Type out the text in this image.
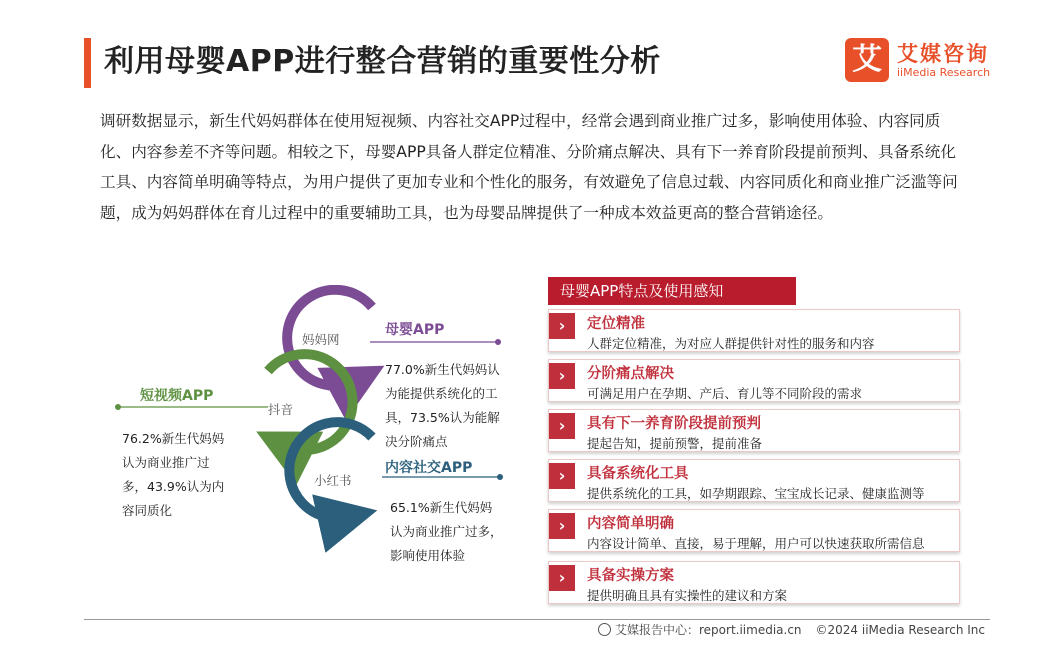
利用母婴APP进行整合营销的重要性分析	艾 艾媒咨询
iiMedia Research
调研数据显示，新生代妈妈群体在使用短视频、内容社交APP过程中，经常会遇到商业推广过多，影响使用体验、内容同质化、内容参差不齐等问题。相较之下，母婴APP具备人群定位精准、分阶痛点解决、具有下一养育阶段提前预判、具备系统化工具、内容简单明确等特点，为用户提供了更加专业和个性化的服务，有效避免了信息过载、内容同质化和商业推广泛滥等问题，成为妈妈群体在育儿过程中的重要辅助工具，也为母婴品牌提供了一种成本效益更高的整合营销途径。
妈妈网
抖音
小红书
母婴APP
77.0%新生代妈妈认
为能提供系统化的工
具，73.5%认为能解
决分阶痛点
短视频APP
76.2%新生代妈妈
认为商业推广过
多，43.9%认为内
容同质化
内容社交APP
65.1%新生代妈妈
认为商业推广过多，
影响使用体验
母婴APP特点及使用感知
›	定位精准
人群定位精准，为对应人群提供针对性的服务和内容
›	分阶痛点解决
可满足用户在孕期、产后、育儿等不同阶段的需求
›	具有下一养育阶段提前预判
提起告知，提前预警，提前准备
›	具备系统化工具
提供系统化的工具，如孕期跟踪、宝宝成长记录、健康监测等
›	内容简单明确
内容设计简单、直接，易于理解，用户可以快速获取所需信息
›	具备实操方案
提供明确且具有实操性的建议和方案
艾媒报告中心：report.iimedia.cn ©2024 iiMedia Research Inc
